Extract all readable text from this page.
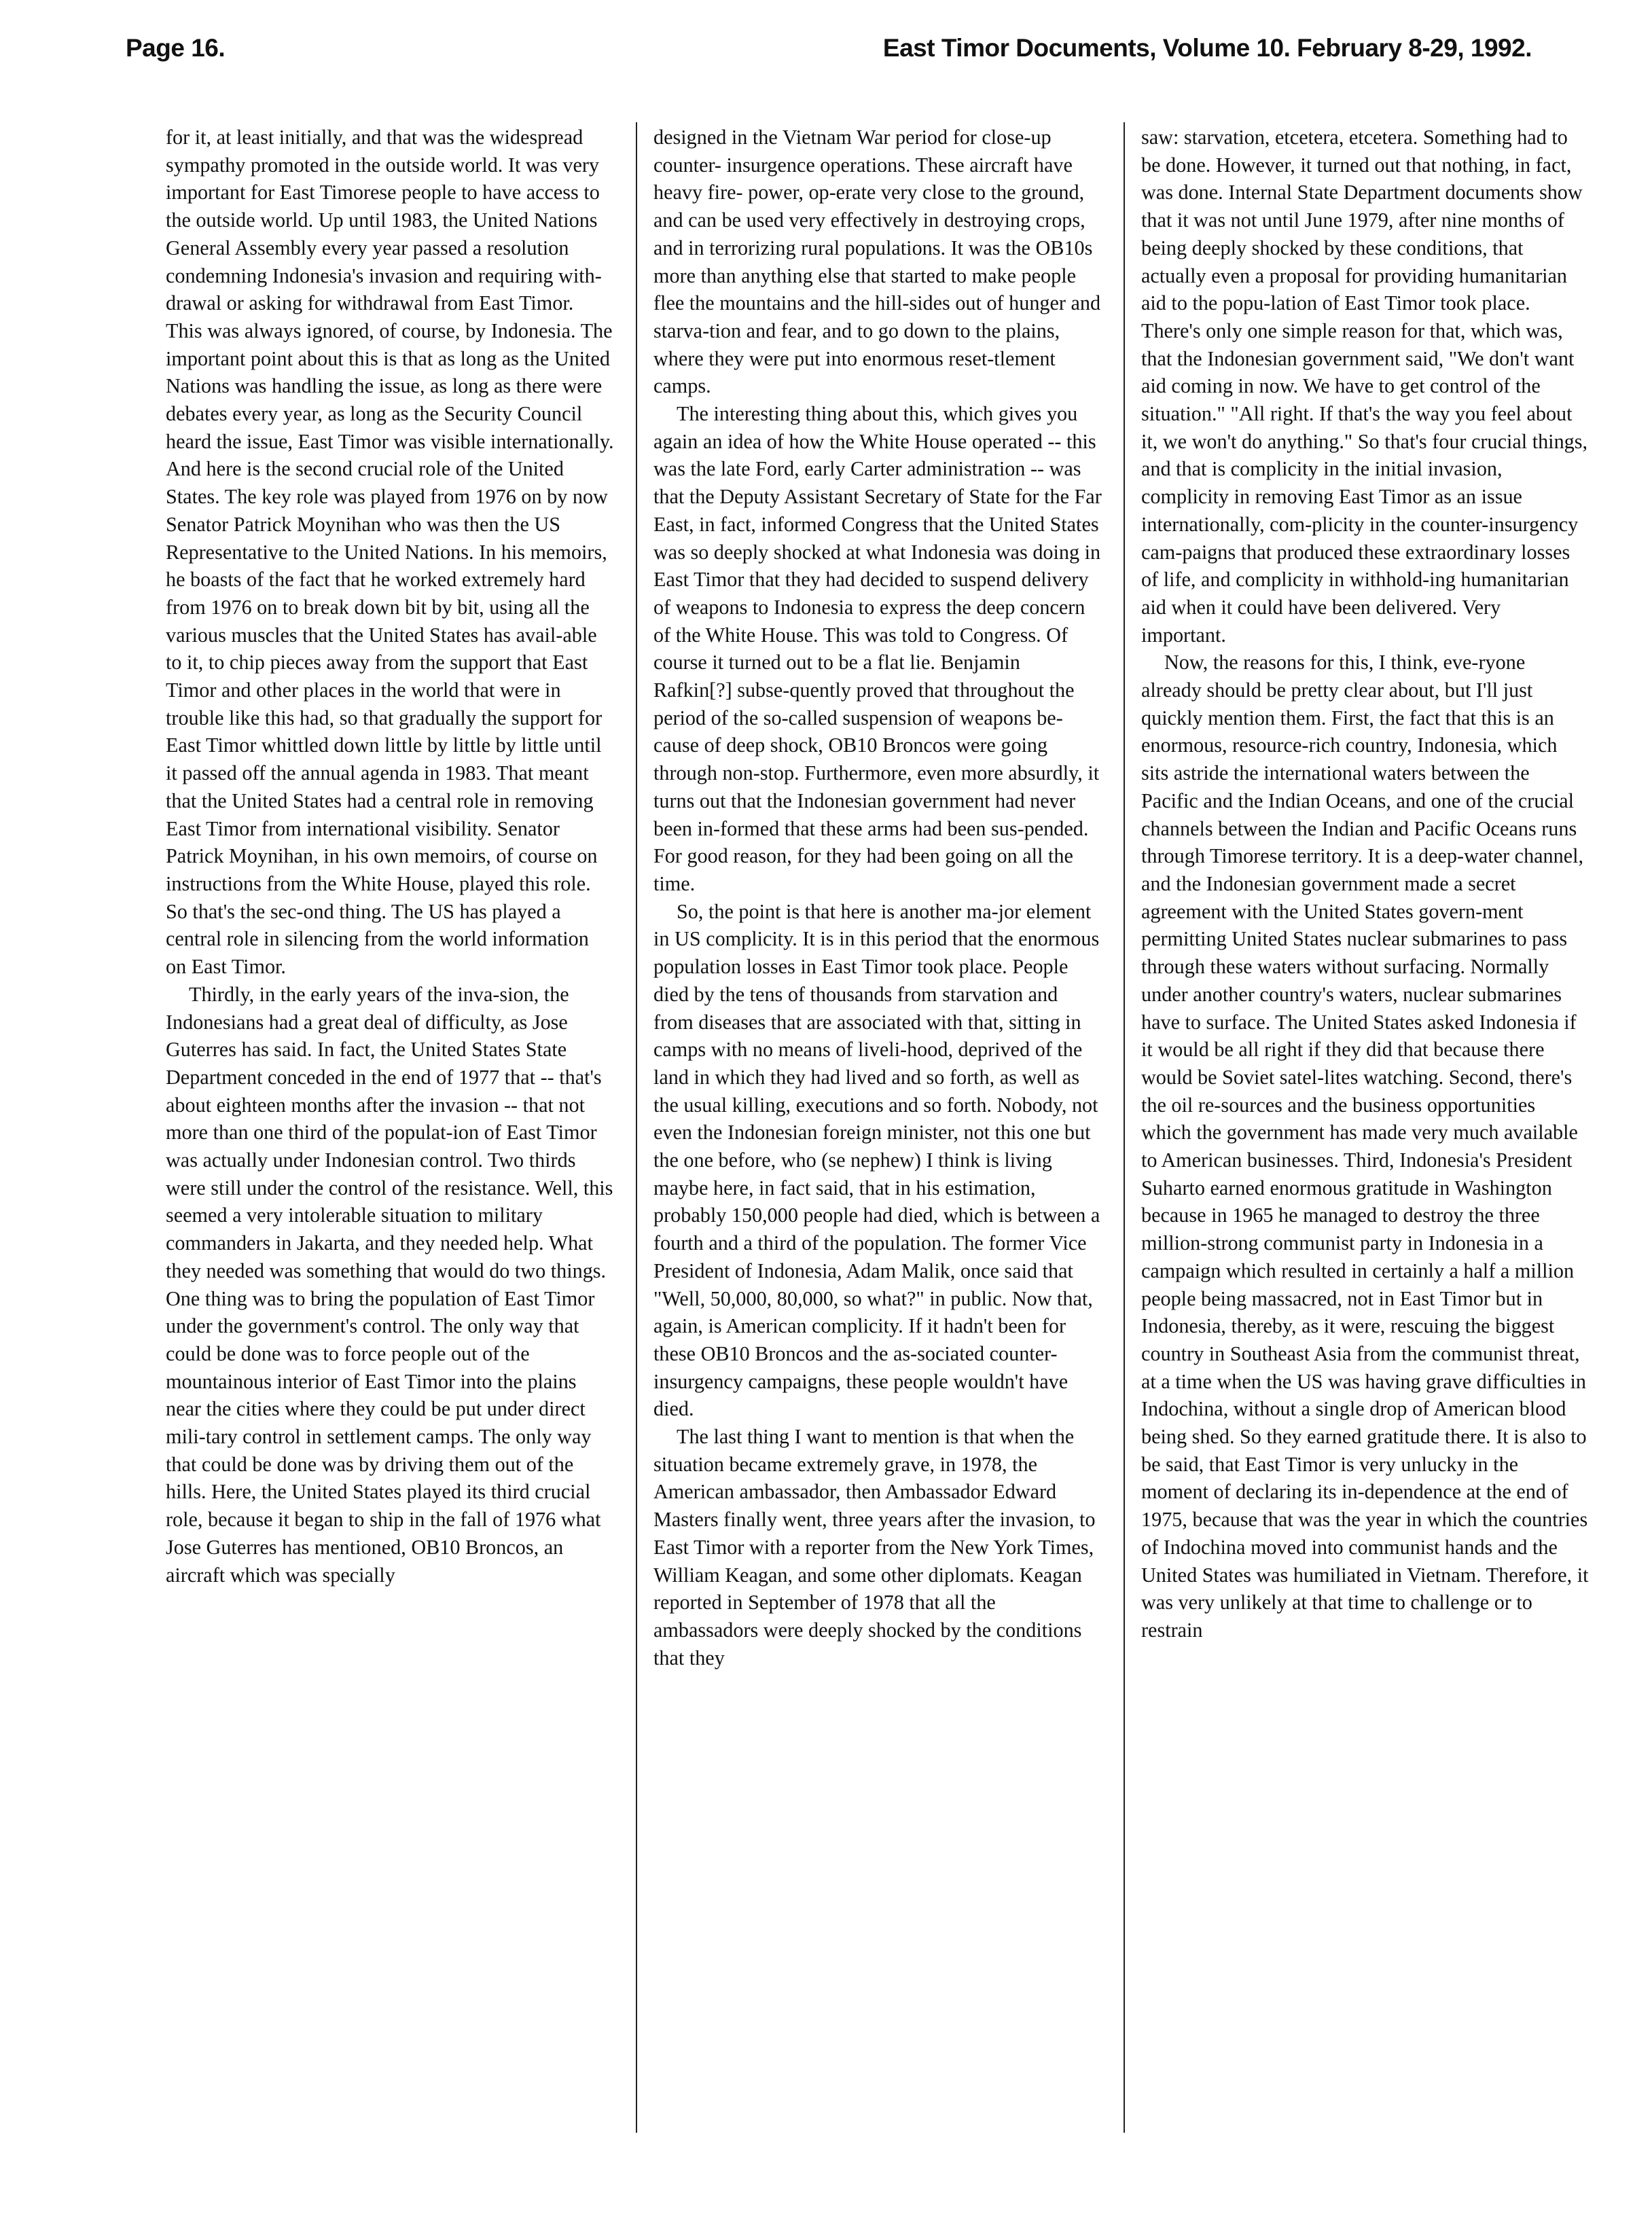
Page 16.	East Timor Documents, Volume 10. February 8-29, 1992.

for it, at least initially, and that was the widespread sympathy promoted in the outside world. It was very important for East Timorese people to have access to the outside world. Up until 1983, the United Nations General Assembly every year passed a resolution condemning Indonesia's invasion and requiring with-drawal or asking for withdrawal from East Timor. This was always ignored, of course, by Indonesia. The important point about this is that as long as the United Nations was handling the issue, as long as there were debates every year, as long as the Security Council heard the issue, East Timor was visible internationally. And here is the second crucial role of the United States. The key role was played from 1976 on by now Senator Patrick Moynihan who was then the US Representative to the United Nations. In his memoirs, he boasts of the fact that he worked extremely hard from 1976 on to break down bit by bit, using all the various muscles that the United States has avail-able to it, to chip pieces away from the support that East Timor and other places in the world that were in trouble like this had, so that gradually the support for East Timor whittled down little by little by little until it passed off the annual agenda in 1983. That meant that the United States had a central role in removing East Timor from international visibility. Senator Patrick Moynihan, in his own memoirs, of course on instructions from the White House, played this role. So that's the sec-ond thing. The US has played a central role in silencing from the world information on East Timor.

Thirdly, in the early years of the inva-sion, the Indonesians had a great deal of difficulty, as Jose Guterres has said. In fact, the United States State Department conceded in the end of 1977 that -- that's about eighteen months after the invasion -- that not more than one third of the populat-ion of East Timor was actually under Indonesian control. Two thirds were still under the control of the resistance. Well, this seemed a very intolerable situation to military commanders in Jakarta, and they needed help. What they needed was something that would do two things. One thing was to bring the population of East Timor under the government's control. The only way that could be done was to force people out of the mountainous interior of East Timor into the plains near the cities where they could be put under direct mili-tary control in settlement camps. The only way that could be done was by driving them out of the hills. Here, the United States played its third crucial role, because it began to ship in the fall of 1976 what Jose Guterres has mentioned, OB10 Broncos, an aircraft which was specially

designed in the Vietnam War period for close-up counter- insurgence operations. These aircraft have heavy fire- power, op-erate very close to the ground, and can be used very effectively in destroying crops, and in terrorizing rural populations. It was the OB10s more than anything else that started to make people flee the mountains and the hill-sides out of hunger and starva-tion and fear, and to go down to the plains, where they were put into enormous reset-tlement camps.

The interesting thing about this, which gives you again an idea of how the White House operated -- this was the late Ford, early Carter administration -- was that the Deputy Assistant Secretary of State for the Far East, in fact, informed Congress that the United States was so deeply shocked at what Indonesia was doing in East Timor that they had decided to suspend delivery of weapons to Indonesia to express the deep concern of the White House. This was told to Congress. Of course it turned out to be a flat lie. Benjamin Rafkin[?] subse-quently proved that throughout the period of the so-called suspension of weapons be-cause of deep shock, OB10 Broncos were going through non-stop. Furthermore, even more absurdly, it turns out that the Indonesian government had never been in-formed that these arms had been sus-pended. For good reason, for they had been going on all the time.

So, the point is that here is another ma-jor element in US complicity. It is in this period that the enormous population losses in East Timor took place. People died by the tens of thousands from starvation and from diseases that are associated with that, sitting in camps with no means of liveli-hood, deprived of the land in which they had lived and so forth, as well as the usual killing, executions and so forth. Nobody, not even the Indonesian foreign minister, not this one but the one before, who (se nephew) I think is living maybe here, in fact said, that in his estimation, probably 150,000 people had died, which is between a fourth and a third of the population. The former Vice President of Indonesia, Adam Malik, once said that "Well, 50,000, 80,000, so what?" in public. Now that, again, is American complicity. If it hadn't been for these OB10 Broncos and the as-sociated counter- insurgency campaigns, these people wouldn't have died.

The last thing I want to mention is that when the situation became extremely grave, in 1978, the American ambassador, then Ambassador Edward Masters finally went, three years after the invasion, to East Timor with a reporter from the New York Times, William Keagan, and some other diplomats. Keagan reported in September of 1978 that all the ambassadors were deeply shocked by the conditions that they

saw: starvation, etcetera, etcetera. Something had to be done. However, it turned out that nothing, in fact, was done. Internal State Department documents show that it was not until June 1979, after nine months of being deeply shocked by these conditions, that actually even a proposal for providing humanitarian aid to the popu-lation of East Timor took place. There's only one simple reason for that, which was, that the Indonesian government said, "We don't want aid coming in now. We have to get control of the situation." "All right. If that's the way you feel about it, we won't do anything." So that's four crucial things, and that is complicity in the initial invasion, complicity in removing East Timor as an issue internationally, com-plicity in the counter-insurgency cam-paigns that produced these extraordinary losses of life, and complicity in withhold-ing humanitarian aid when it could have been delivered. Very important.

Now, the reasons for this, I think, eve-ryone already should be pretty clear about, but I'll just quickly mention them. First, the fact that this is an enormous, resource-rich country, Indonesia, which sits astride the international waters between the Pacific and the Indian Oceans, and one of the crucial channels between the Indian and Pacific Oceans runs through Timorese territory. It is a deep-water channel, and the Indonesian government made a secret agreement with the United States govern-ment permitting United States nuclear submarines to pass through these waters without surfacing. Normally under another country's waters, nuclear submarines have to surface. The United States asked Indonesia if it would be all right if they did that because there would be Soviet satel-lites watching. Second, there's the oil re-sources and the business opportunities which the government has made very much available to American businesses. Third, Indonesia's President Suharto earned enormous gratitude in Washington because in 1965 he managed to destroy the three million-strong communist party in Indonesia in a campaign which resulted in certainly a half a million people being massacred, not in East Timor but in Indonesia, thereby, as it were, rescuing the biggest country in Southeast Asia from the communist threat, at a time when the US was having grave difficulties in Indochina, without a single drop of American blood being shed. So they earned gratitude there. It is also to be said, that East Timor is very unlucky in the moment of declaring its in-dependence at the end of 1975, because that was the year in which the countries of Indochina moved into communist hands and the United States was humiliated in Vietnam. Therefore, it was very unlikely at that time to challenge or to restrain
